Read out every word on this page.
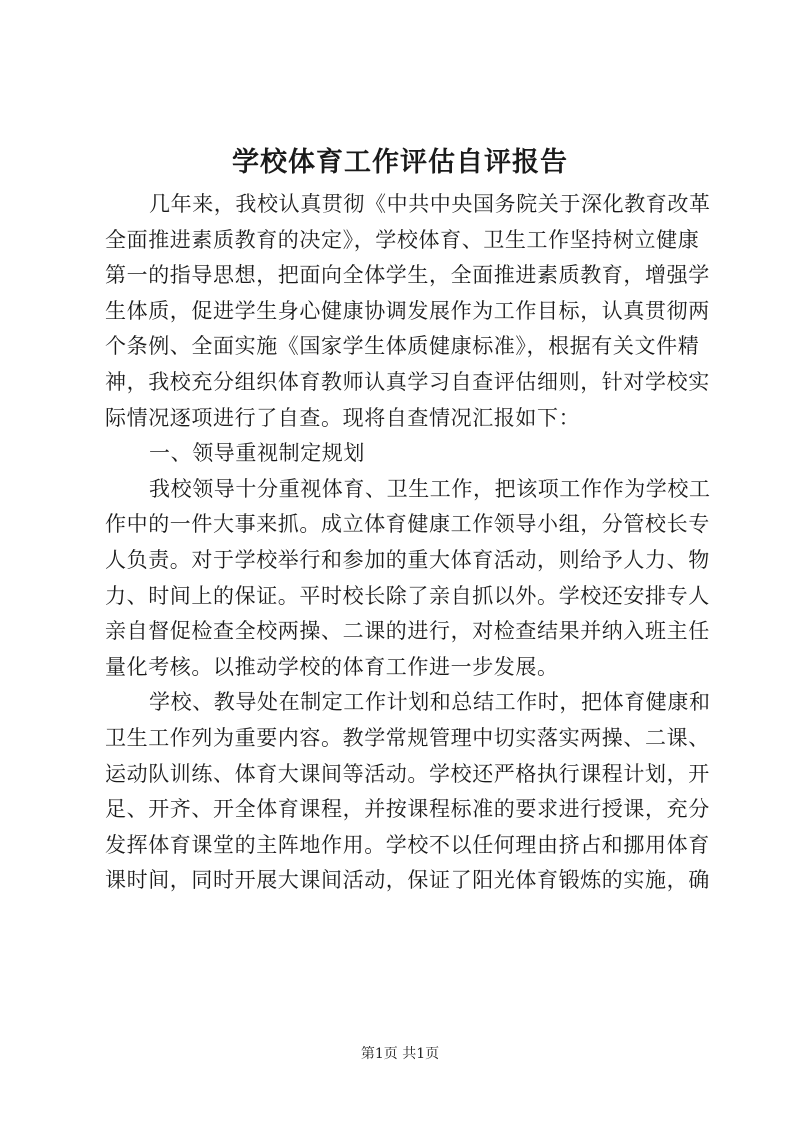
学校体育工作评估自评报告
几年来，我校认真贯彻《中共中央国务院关于深化教育改革
全面推进素质教育的决定》，学校体育、卫生工作坚持树立健康
第一的指导思想，把面向全体学生，全面推进素质教育，增强学
生体质，促进学生身心健康协调发展作为工作目标，认真贯彻两
个条例、全面实施《国家学生体质健康标准》，根据有关文件精
神，我校充分组织体育教师认真学习自查评估细则，针对学校实
际情况逐项进行了自查。现将自查情况汇报如下：
一、领导重视制定规划
我校领导十分重视体育、卫生工作，把该项工作作为学校工
作中的一件大事来抓。成立体育健康工作领导小组，分管校长专
人负责。对于学校举行和参加的重大体育活动，则给予人力、物
力、时间上的保证。平时校长除了亲自抓以外。学校还安排专人
亲自督促检查全校两操、二课的进行，对检查结果并纳入班主任
量化考核。以推动学校的体育工作进一步发展。
学校、教导处在制定工作计划和总结工作时，把体育健康和
卫生工作列为重要内容。教学常规管理中切实落实两操、二课、
运动队训练、体育大课间等活动。学校还严格执行课程计划，开
足、开齐、开全体育课程，并按课程标准的要求进行授课，充分
发挥体育课堂的主阵地作用。学校不以任何理由挤占和挪用体育
课时间，同时开展大课间活动，保证了阳光体育锻炼的实施，确
第1页 共1页
